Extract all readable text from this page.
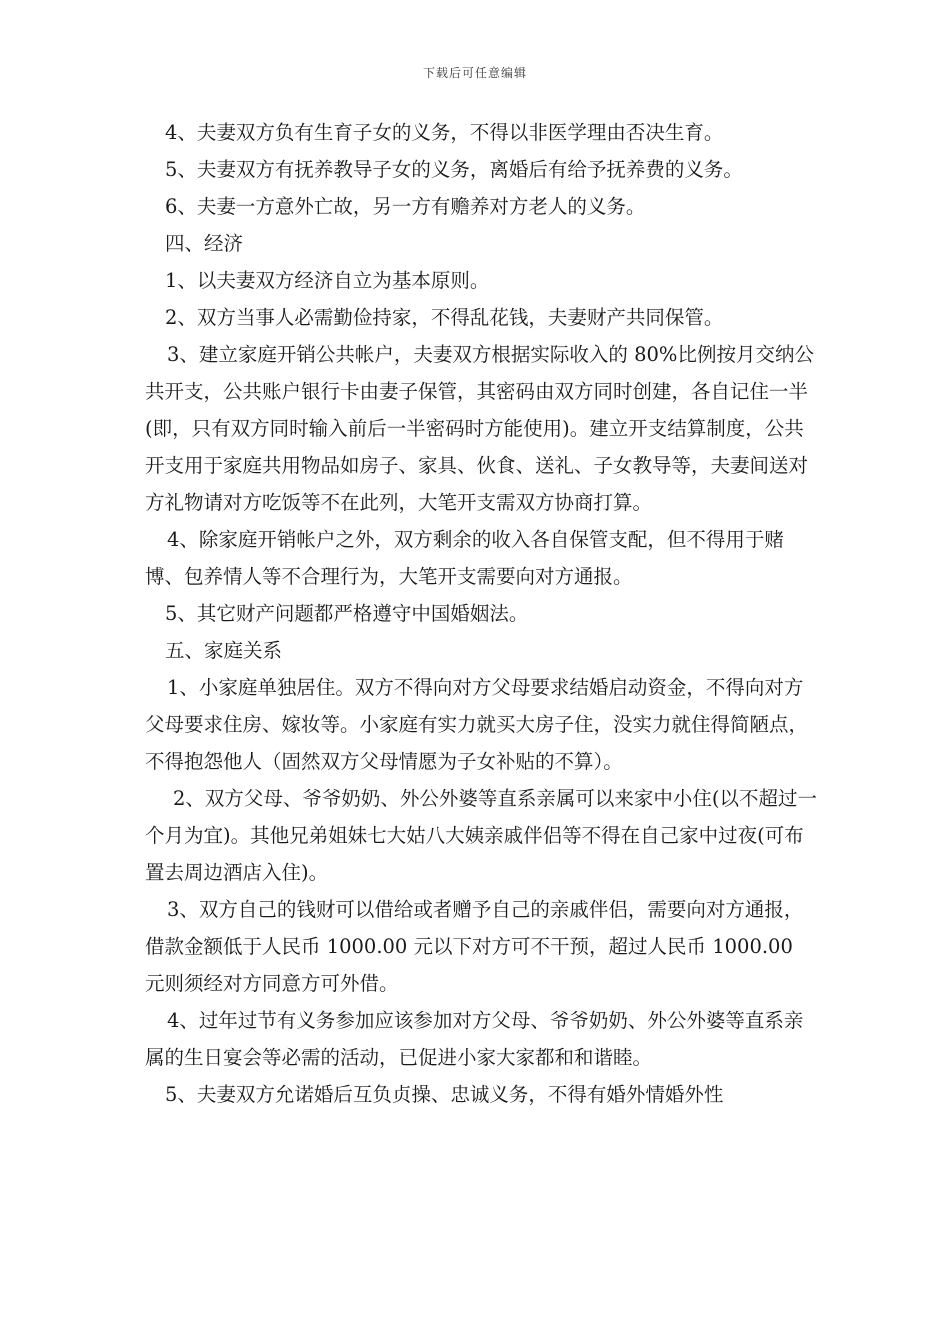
下载后可任意编辑

4、夫妻双方负有生育子女的义务，不得以非医学理由否决生育。

5、夫妻双方有抚养教导子女的义务，离婚后有给予抚养费的义务。

6、夫妻一方意外亡故，另一方有赡养对方老人的义务。

四、经济

1、以夫妻双方经济自立为基本原则。

2、双方当事人必需勤俭持家，不得乱花钱，夫妻财产共同保管。

3、建立家庭开销公共帐户，夫妻双方根据实际收入的 80%比例按月交纳公共开支，公共账户银行卡由妻子保管，其密码由双方同时创建，各自记住一半(即，只有双方同时输入前后一半密码时方能使用)。建立开支结算制度，公共开支用于家庭共用物品如房子、家具、伙食、送礼、子女教导等，夫妻间送对方礼物请对方吃饭等不在此列，大笔开支需双方协商打算。

4、除家庭开销帐户之外，双方剩余的收入各自保管支配，但不得用于赌博、包养情人等不合理行为，大笔开支需要向对方通报。

5、其它财产问题都严格遵守中国婚姻法。

五、家庭关系

1、小家庭单独居住。双方不得向对方父母要求结婚启动资金，不得向对方父母要求住房、嫁妆等。小家庭有实力就买大房子住，没实力就住得简陋点，不得抱怨他人（固然双方父母情愿为子女补贴的不算）。

2、双方父母、爷爷奶奶、外公外婆等直系亲属可以来家中小住(以不超过一个月为宜)。其他兄弟姐妹七大姑八大姨亲戚伴侣等不得在自己家中过夜(可布置去周边酒店入住)。

3、双方自己的钱财可以借给或者赠予自己的亲戚伴侣，需要向对方通报，借款金额低于人民币 1000.00 元以下对方可不干预，超过人民币 1000.00 元则须经对方同意方可外借。

4、过年过节有义务参加应该参加对方父母、爷爷奶奶、外公外婆等直系亲属的生日宴会等必需的活动，已促进小家大家都和和谐睦。

5、夫妻双方允诺婚后互负贞操、忠诚义务，不得有婚外情婚外性
